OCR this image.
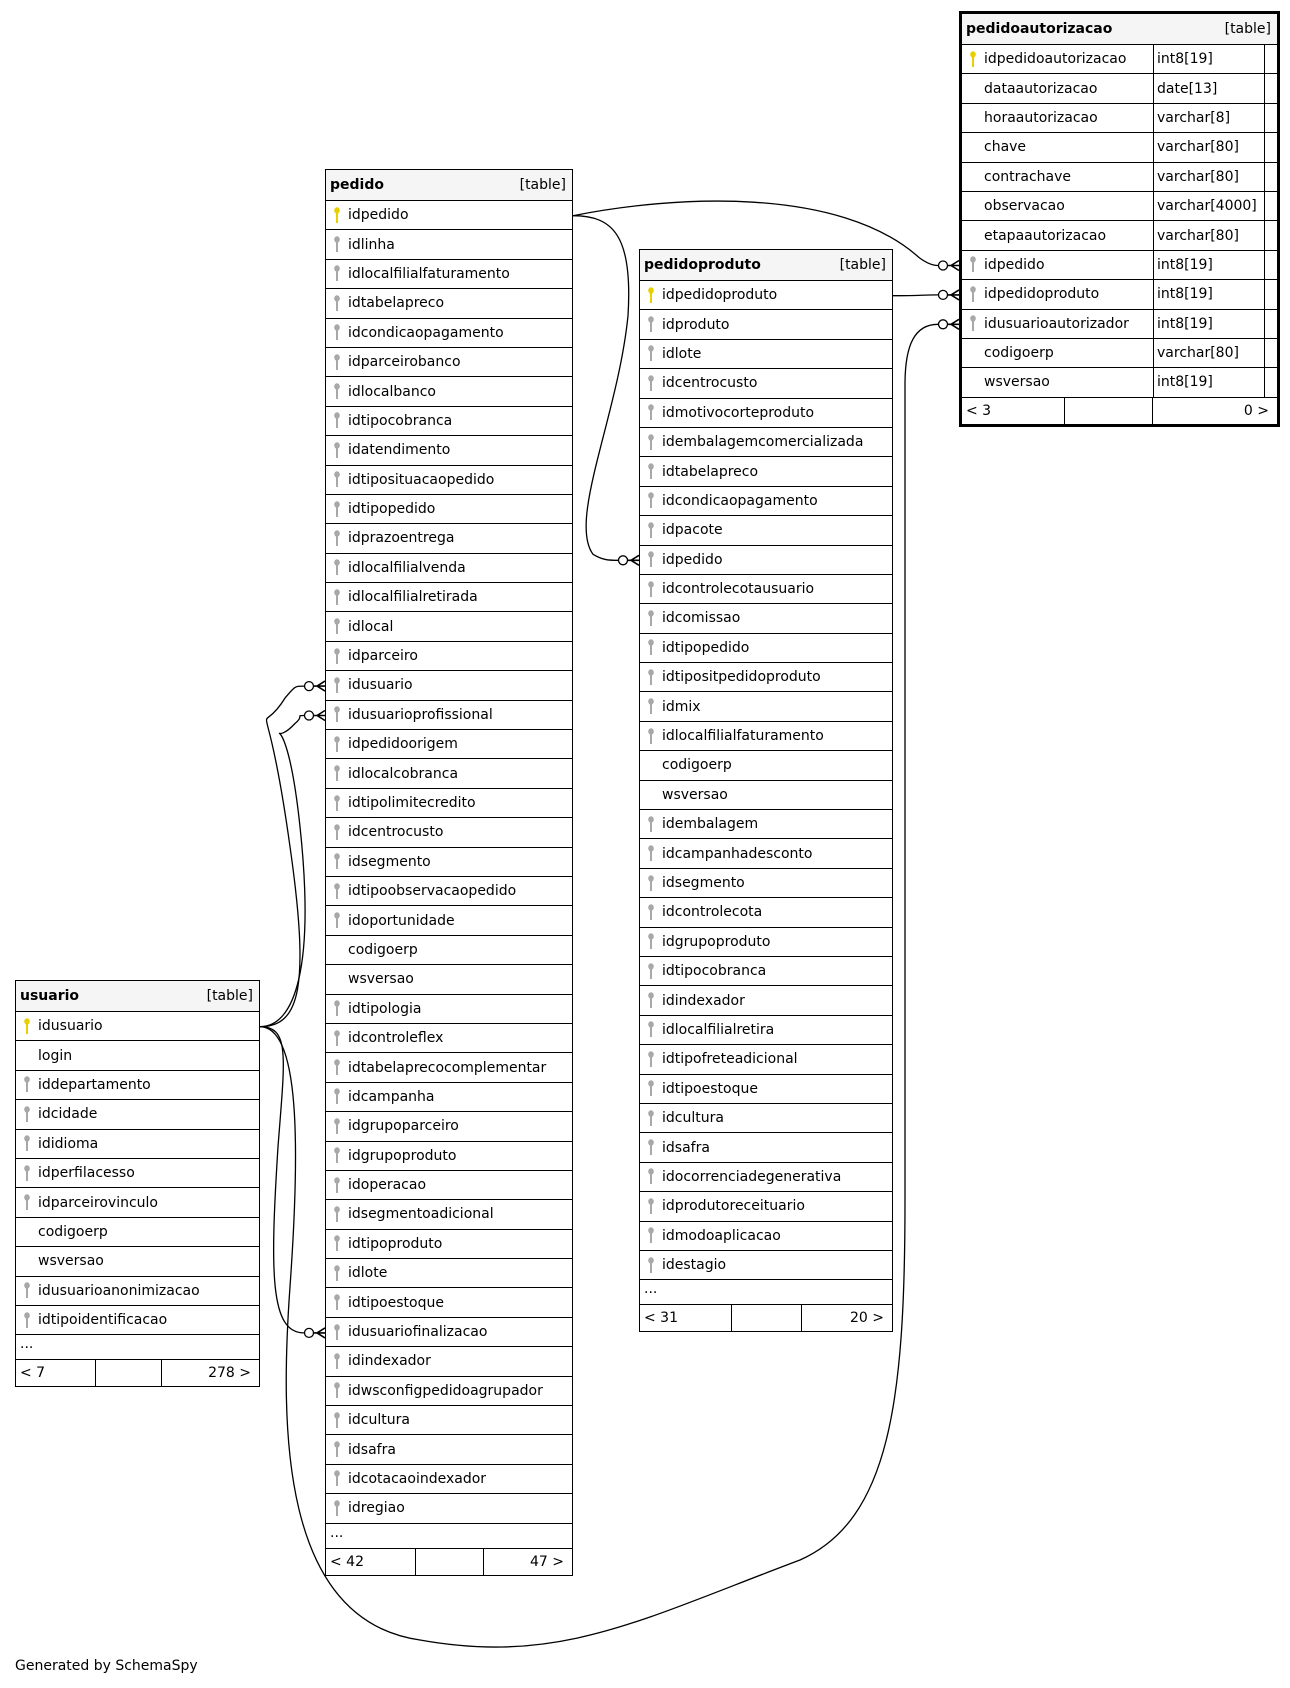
Generated by SchemaSpy
usuario	[table]
idusuario
login
iddepartamento
idcidade
ididioma
idperfilacesso
idparceirovinculo
codigoerp
wsversao
idusuarioanonimizacao
idtipoidentificacao
...
< 7	278 >
pedido	[table]
idpedido
idlinha
idlocalfilialfaturamento
idtabelapreco
idcondicaopagamento
idparceirobanco
idlocalbanco
idtipocobranca
idatendimento
idtiposituacaopedido
idtipopedido
idprazoentrega
idlocalfilialvenda
idlocalfilialretirada
idlocal
idparceiro
idusuario
idusuarioprofissional
idpedidoorigem
idlocalcobranca
idtipolimitecredito
idcentrocusto
idsegmento
idtipoobservacaopedido
idoportunidade
codigoerp
wsversao
idtipologia
idcontroleflex
idtabelaprecocomplementar
idcampanha
idgrupoparceiro
idgrupoproduto
idoperacao
idsegmentoadicional
idtipoproduto
idlote
idtipoestoque
idusuariofinalizacao
idindexador
idwsconfigpedidoagrupador
idcultura
idsafra
idcotacaoindexador
idregiao
...
< 42	47 >
pedidoproduto	[table]
idpedidoproduto
idproduto
idlote
idcentrocusto
idmotivocorteproduto
idembalagemcomercializada
idtabelapreco
idcondicaopagamento
idpacote
idpedido
idcontrolecotausuario
idcomissao
idtipopedido
idtipositpedidoproduto
idmix
idlocalfilialfaturamento
codigoerp
wsversao
idembalagem
idcampanhadesconto
idsegmento
idcontrolecota
idgrupoproduto
idtipocobranca
idindexador
idlocalfilialretira
idtipofreteadicional
idtipoestoque
idcultura
idsafra
idocorrenciadegenerativa
idprodutoreceituario
idmodoaplicacao
idestagio
...
< 31	20 >
pedidoautorizacao	[table]
idpedidoautorizacao	int8[19]
dataautorizacao	date[13]
horaautorizacao	varchar[8]
chave	varchar[80]
contrachave	varchar[80]
observacao	varchar[4000]
etapaautorizacao	varchar[80]
idpedido	int8[19]
idpedidoproduto	int8[19]
idusuarioautorizador	int8[19]
codigoerp	varchar[80]
wsversao	int8[19]
< 3	0 >
